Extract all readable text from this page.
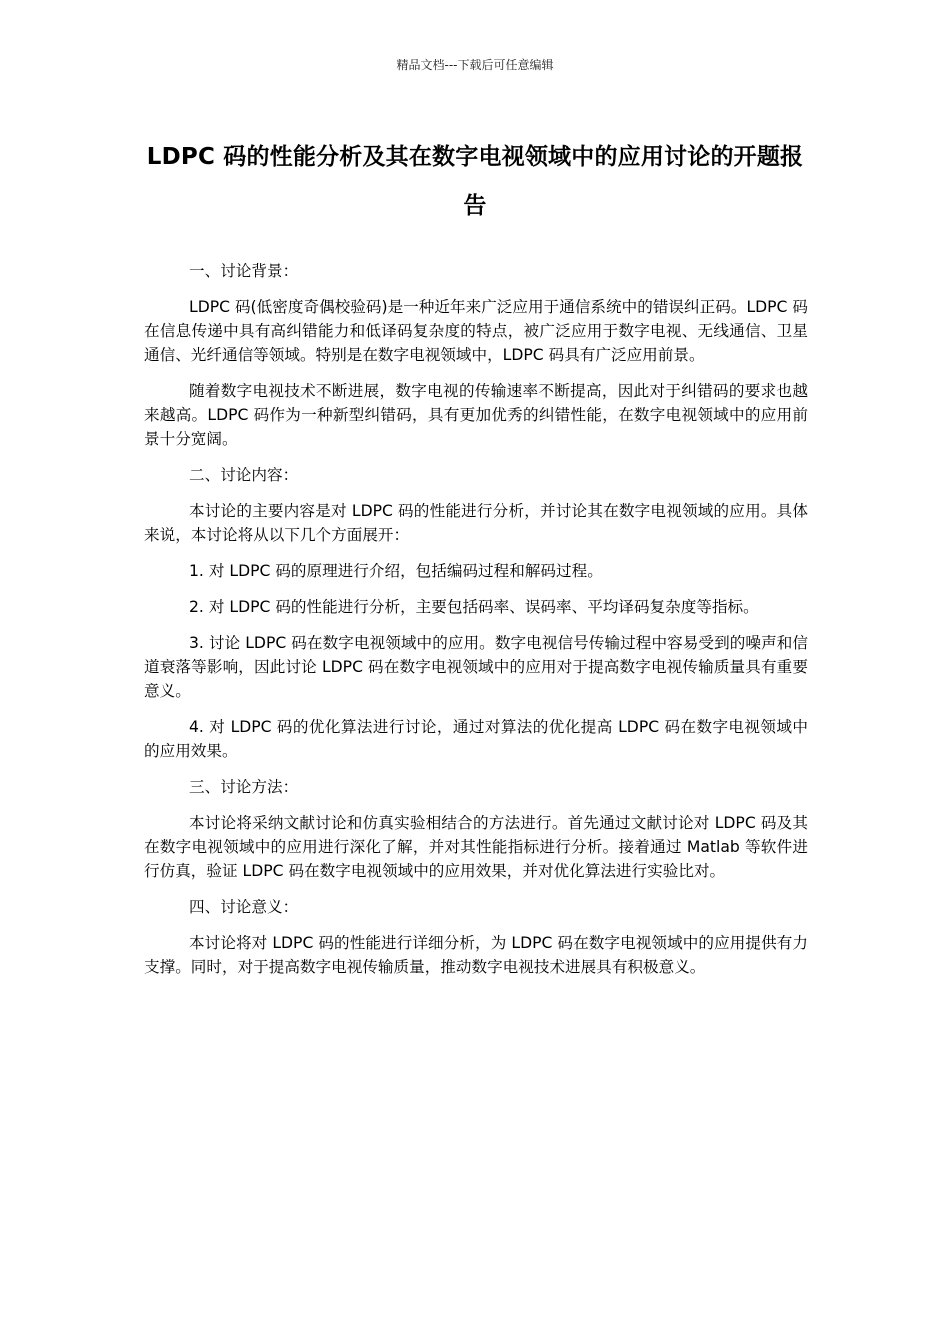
精品文档---下载后可任意编辑
LDPC 码的性能分析及其在数字电视领域中的应用讨论的开题报告

一、讨论背景：

LDPC 码(低密度奇偶校验码)是一种近年来广泛应用于通信系统中的错误纠正码。LDPC 码在信息传递中具有高纠错能力和低译码复杂度的特点，被广泛应用于数字电视、无线通信、卫星通信、光纤通信等领域。特别是在数字电视领域中，LDPC 码具有广泛应用前景。

随着数字电视技术不断进展，数字电视的传输速率不断提高，因此对于纠错码的要求也越来越高。LDPC 码作为一种新型纠错码，具有更加优秀的纠错性能，在数字电视领域中的应用前景十分宽阔。

二、讨论内容：

本讨论的主要内容是对 LDPC 码的性能进行分析，并讨论其在数字电视领域的应用。具体来说，本讨论将从以下几个方面展开：

1. 对 LDPC 码的原理进行介绍，包括编码过程和解码过程。

2. 对 LDPC 码的性能进行分析，主要包括码率、误码率、平均译码复杂度等指标。

3. 讨论 LDPC 码在数字电视领域中的应用。数字电视信号传输过程中容易受到的噪声和信道衰落等影响，因此讨论 LDPC 码在数字电视领域中的应用对于提高数字电视传输质量具有重要意义。

4. 对 LDPC 码的优化算法进行讨论，通过对算法的优化提高 LDPC 码在数字电视领域中的应用效果。

三、讨论方法：

本讨论将采纳文献讨论和仿真实验相结合的方法进行。首先通过文献讨论对 LDPC 码及其在数字电视领域中的应用进行深化了解，并对其性能指标进行分析。接着通过 Matlab 等软件进行仿真，验证 LDPC 码在数字电视领域中的应用效果，并对优化算法进行实验比对。

四、讨论意义：

本讨论将对 LDPC 码的性能进行详细分析，为 LDPC 码在数字电视领域中的应用提供有力支撑。同时，对于提高数字电视传输质量，推动数字电视技术进展具有积极意义。
